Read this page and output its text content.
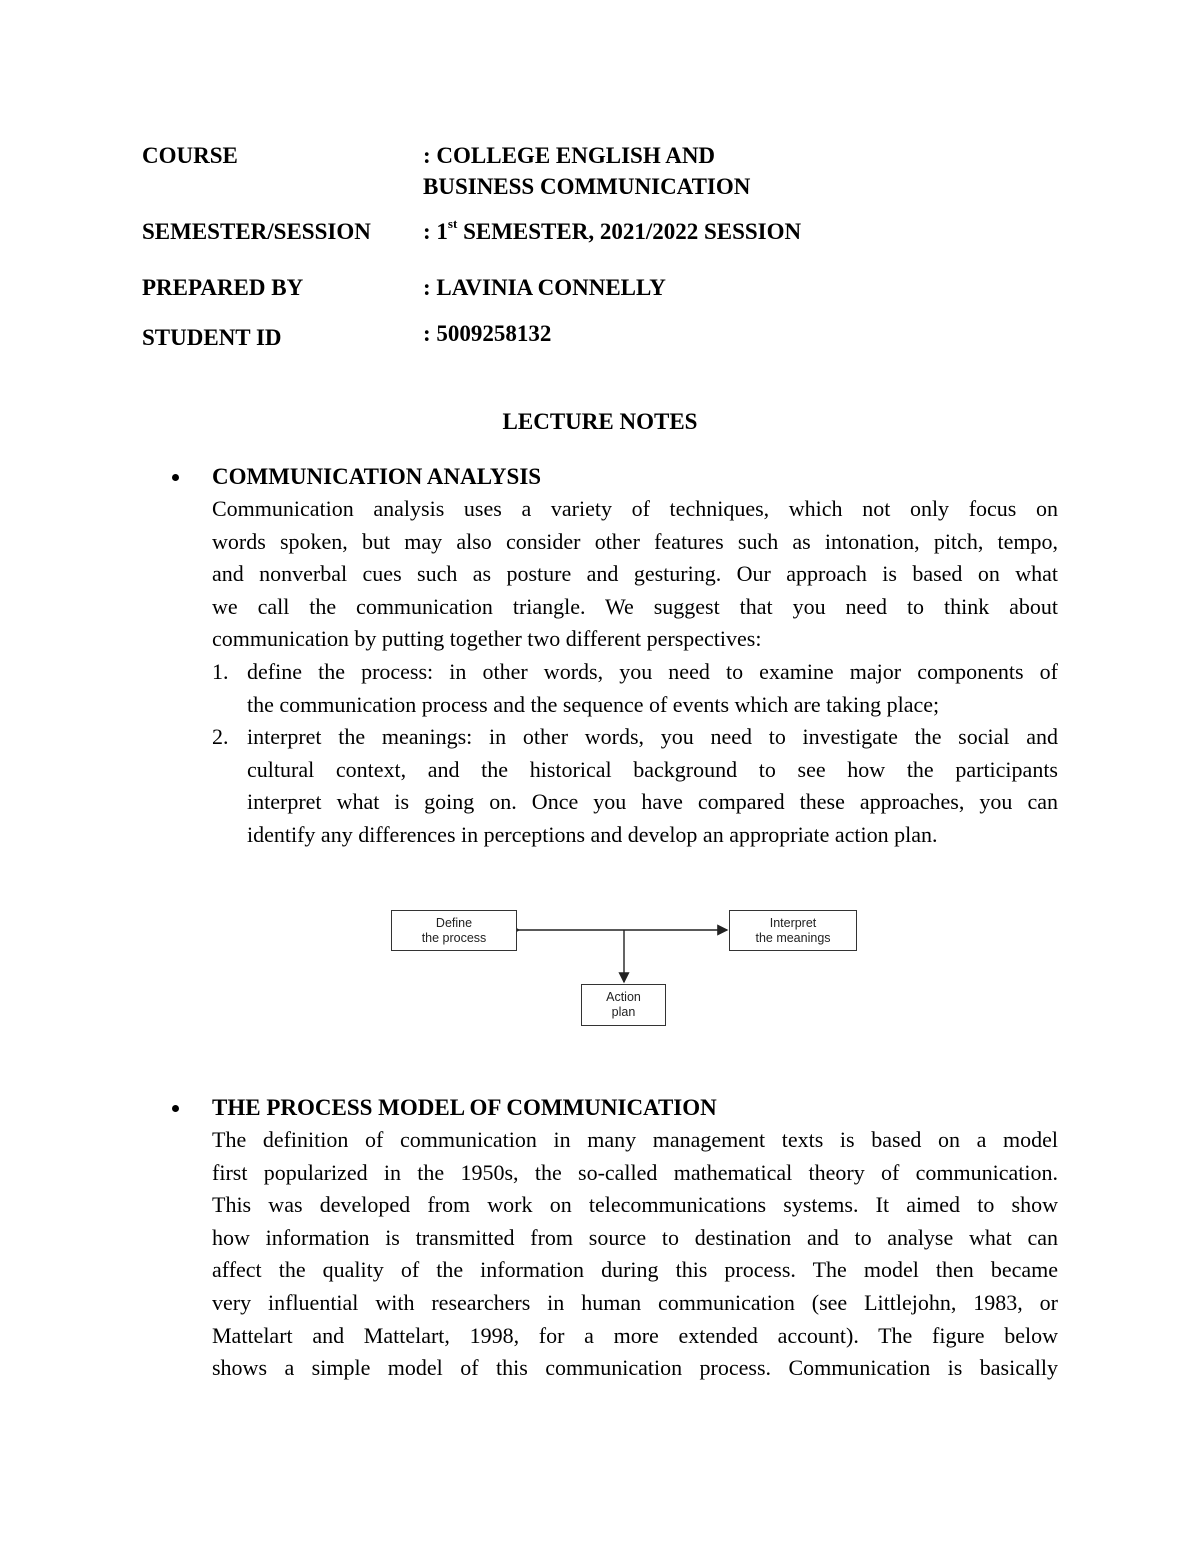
COURSE	: COLLEGE ENGLISH AND
BUSINESS COMMUNICATION
SEMESTER/SESSION : 1st SEMESTER, 2021/2022 SESSION
PREPARED BY	: LAVINIA CONNELLY
STUDENT ID	: 5009258132
LECTURE NOTES
COMMUNICATION ANALYSIS
Communication analysis uses a variety of techniques, which not only focus on
words spoken, but may also consider other features such as intonation, pitch, tempo,
and nonverbal cues such as posture and gesturing. Our approach is based on what
we call the communication triangle. We suggest that you need to think about
communication by putting together two different perspectives:
1. define the process: in other words, you need to examine major components of
the communication process and the sequence of events which are taking place;
2. interpret the meanings: in other words, you need to investigate the social and
cultural context, and the historical background to see how the participants
interpret what is going on. Once you have compared these approaches, you can
identify any differences in perceptions and develop an appropriate action plan.
Define
the process
Interpret
the meanings
Action
plan
THE PROCESS MODEL OF COMMUNICATION
The definition of communication in many management texts is based on a model
first popularized in the 1950s, the so-called mathematical theory of communication.
This was developed from work on telecommunications systems. It aimed to show
how information is transmitted from source to destination and to analyse what can
affect the quality of the information during this process. The model then became
very influential with researchers in human communication (see Littlejohn, 1983, or
Mattelart and Mattelart, 1998, for a more extended account). The figure below
shows a simple model of this communication process. Communication is basically
